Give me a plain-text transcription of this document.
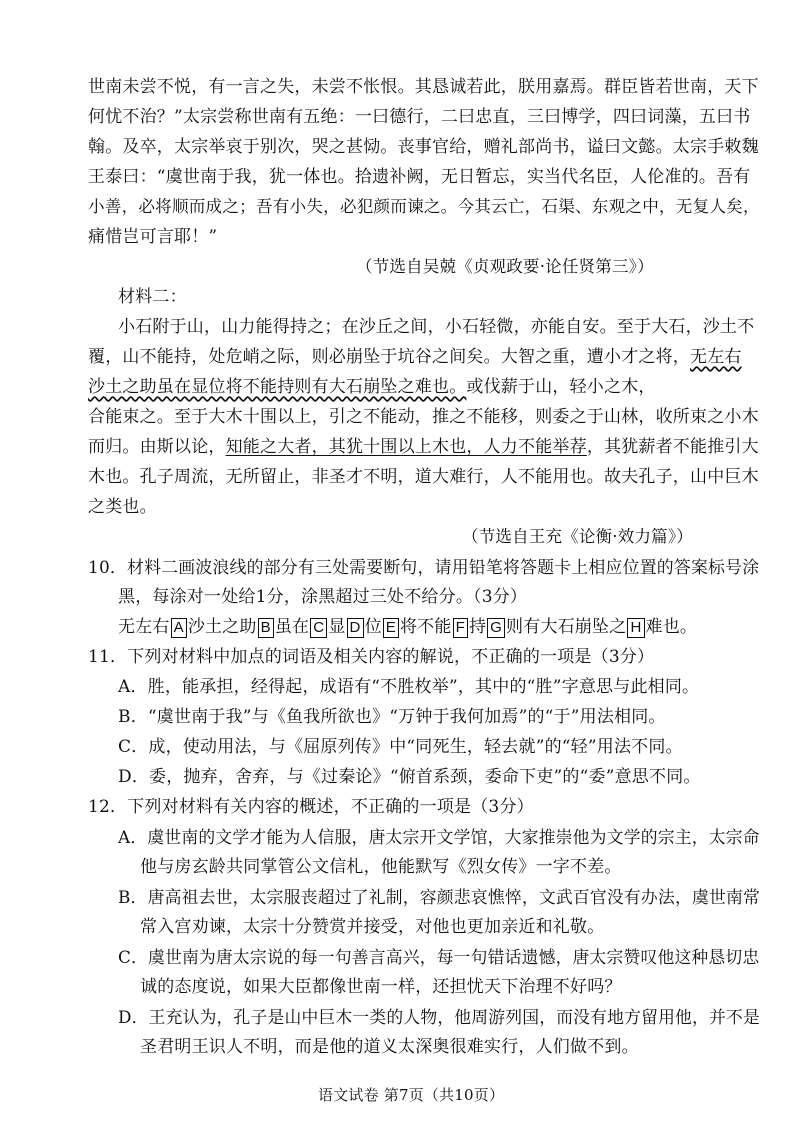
世南未尝不悦，有一言之失，未尝不怅恨。其恳诚若此，朕用嘉焉。群臣皆若世南，天下
何忧不治？”太宗尝称世南有五绝：一曰德行，二曰忠直，三曰博学，四曰词藻，五曰书
翰。及卒，太宗举哀于别次，哭之甚恸。丧事官给，赠礼部尚书，谥曰文懿。太宗手敕魏
王泰曰：“虞世南于我，犹一体也。拾遗补阙，无日暂忘，实当代名臣，人伦准的。吾有
小善，必将顺而成之；吾有小失，必犯颜而谏之。今其云亡，石渠、东观之中，无复人矣，
痛惜岂可言耶！”
（节选自吴兢《贞观政要·论任贤第三》）
材料二：
小石附于山，山力能得持之；在沙丘之间，小石轻微，亦能自安。至于大石，沙土不
覆，山不能持，处危峭之际，则必崩坠于坑谷之间矣。大智之重，遭小才之将，无左右
沙土之助虽在显位将不能持则有大石崩坠之难也。或伐薪于山，轻小之木，
合能束之。至于大木十围以上，引之不能动，推之不能移，则委之于山林，收所束之小木
而归。由斯以论，知能之大者，其犹十围以上木也，人力不能举荐，其犹薪者不能推引大
木也。孔子周流，无所留止，非圣才不明，道大难行，人不能用也。故夫孔子，山中巨木
之类也。
（节选自王充《论衡·效力篇》）
10．材料二画波浪线的部分有三处需要断句，请用铅笔将答题卡上相应位置的答案标号涂
黑，每涂对一处给1分，涂黑超过三处不给分。（3分）
无左右 A 沙土之助 B 虽在 C 显 D 位 E 将不能 F 持 G 则有大石崩坠之 H 难也。
11．下列对材料中加点的词语及相关内容的解说，不正确的一项是（3分）
A．胜，能承担，经得起，成语有“不胜枚举”，其中的“胜”字意思与此相同。
B．“虞世南于我”与《鱼我所欲也》“万钟于我何加焉”的“于”用法相同。
C．成，使动用法，与《屈原列传》中“同死生，轻去就”的“轻”用法不同。
D．委，抛弃，舍弃，与《过秦论》“俯首系颈，委命下吏”的“委”意思不同。
12．下列对材料有关内容的概述，不正确的一项是（3分）
A．虞世南的文学才能为人信服，唐太宗开文学馆，大家推崇他为文学的宗主，太宗命
他与房玄龄共同掌管公文信札，他能默写《烈女传》一字不差。
B．唐高祖去世，太宗服丧超过了礼制，容颜悲哀憔悴，文武百官没有办法，虞世南常
常入宫劝谏，太宗十分赞赏并接受，对他也更加亲近和礼敬。
C．虞世南为唐太宗说的每一句善言高兴，每一句错话遗憾，唐太宗赞叹他这种恳切忠
诚的态度说，如果大臣都像世南一样，还担忧天下治理不好吗？
D．王充认为，孔子是山中巨木一类的人物，他周游列国，而没有地方留用他，并不是
圣君明王识人不明，而是他的道义太深奥很难实行，人们做不到。
语文试卷 第7页（共10页）
